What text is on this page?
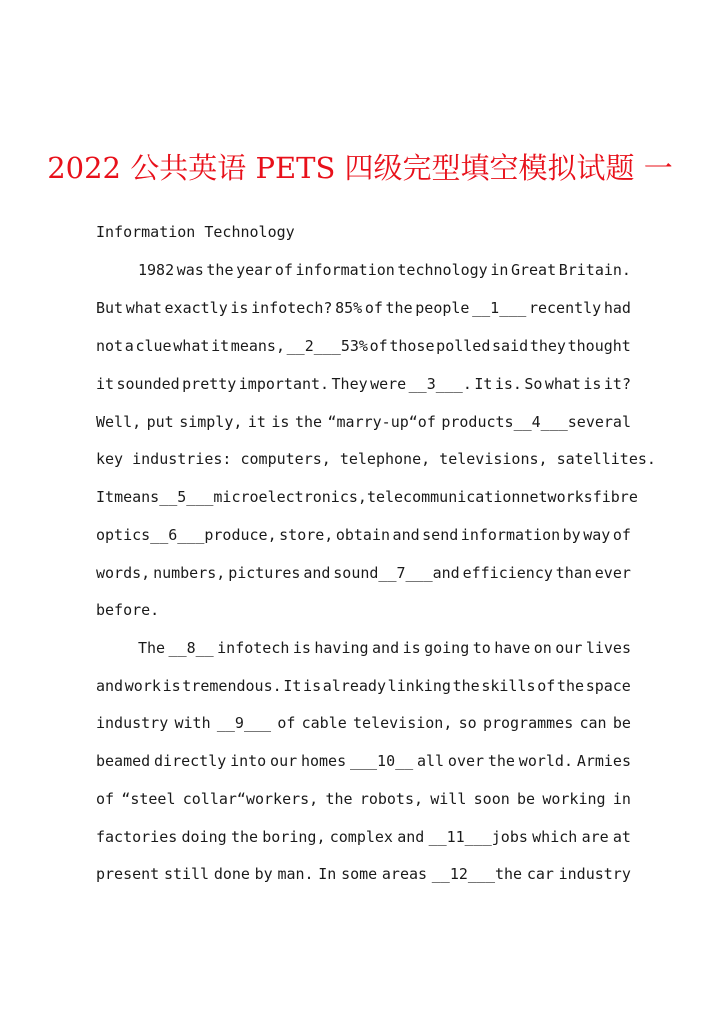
2022 公共英语 PETS 四级完型填空模拟试题 一
Information Technology
1982 was the year of information technology in Great Britain.
But what exactly is infotech? 85% of the people __1___ recently had
not a clue what it means, __2___53% of those polled said they thought
it sounded pretty important. They were __3___. It is. So what is it?
Well, put simply, it is the “marry-up“of products__4___several
key industries: computers, telephone, televisions, satellites.
It means __5___ microelectronics, telecommunication networks fibre
optics__6___produce, store, obtain and send information by way of
words, numbers, pictures and sound__7___and efficiency than ever
before.
The __8__ infotech is having and is going to have on our lives
and work is tremendous. It is already linking the skills of the space
industry with __9___ of cable television, so programmes can be
beamed directly into our homes ___10__ all over the world. Armies
of “steel collar“workers, the robots, will soon be working in
factories doing the boring, complex and __11___jobs which are at
present still done by man. In some areas __12___the car industry
